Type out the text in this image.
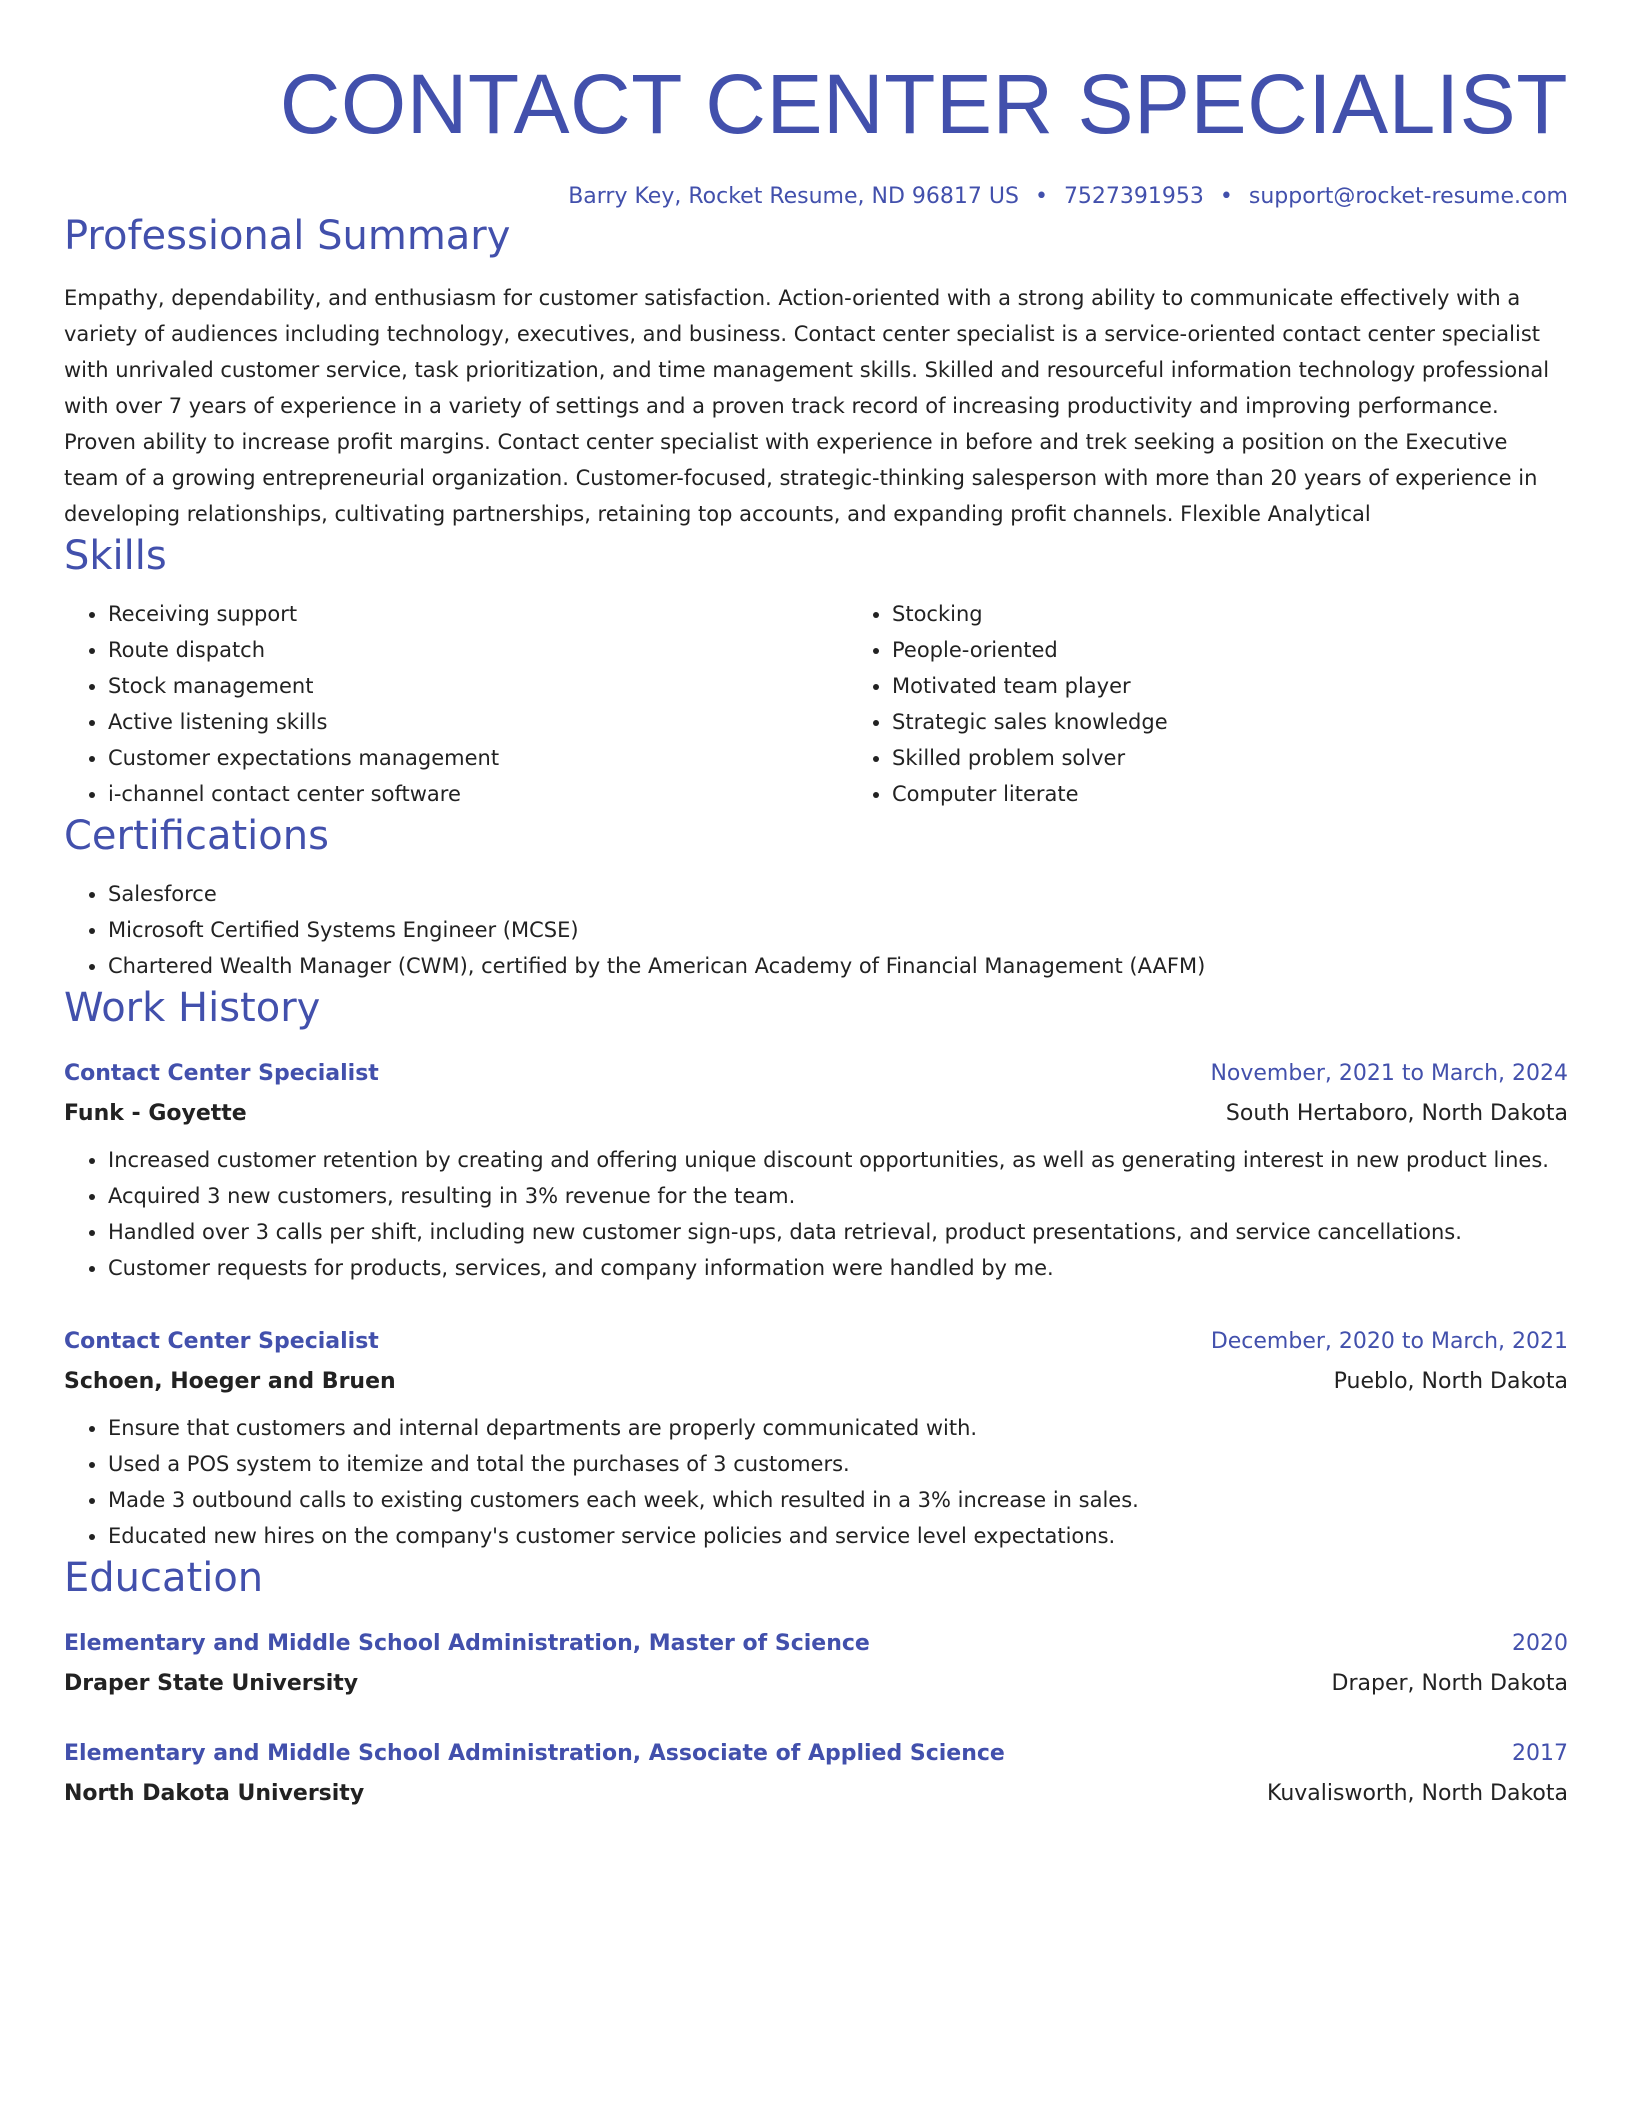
CONTACT CENTER SPECIALIST
Barry Key, Rocket Resume, ND 96817 US • 7527391953 • support@rocket-resume.com
Professional Summary
Empathy, dependability, and enthusiasm for customer satisfaction. Action-oriented with a strong ability to communicate effectively with a variety of audiences including technology, executives, and business. Contact center specialist is a service-oriented contact center specialist with unrivaled customer service, task prioritization, and time management skills. Skilled and resourceful information technology professional with over 7 years of experience in a variety of settings and a proven track record of increasing productivity and improving performance. Proven ability to increase profit margins. Contact center specialist with experience in before and trek seeking a position on the Executive team of a growing entrepreneurial organization. Customer-focused, strategic-thinking salesperson with more than 20 years of experience in developing relationships, cultivating partnerships, retaining top accounts, and expanding profit channels. Flexible Analytical
Skills
• Receiving support
• Route dispatch
• Stock management
• Active listening skills
• Customer expectations management
• i-channel contact center software
• Stocking
• People-oriented
• Motivated team player
• Strategic sales knowledge
• Skilled problem solver
• Computer literate
Certifications
• Salesforce
• Microsoft Certified Systems Engineer (MCSE)
• Chartered Wealth Manager (CWM), certified by the American Academy of Financial Management (AAFM)
Work History
Contact Center Specialist	November, 2021 to March, 2024
Funk - Goyette	South Hertaboro, North Dakota
• Increased customer retention by creating and offering unique discount opportunities, as well as generating interest in new product lines.
• Acquired 3 new customers, resulting in 3% revenue for the team.
• Handled over 3 calls per shift, including new customer sign-ups, data retrieval, product presentations, and service cancellations.
• Customer requests for products, services, and company information were handled by me.
Contact Center Specialist	December, 2020 to March, 2021
Schoen, Hoeger and Bruen	Pueblo, North Dakota
• Ensure that customers and internal departments are properly communicated with.
• Used a POS system to itemize and total the purchases of 3 customers.
• Made 3 outbound calls to existing customers each week, which resulted in a 3% increase in sales.
• Educated new hires on the company's customer service policies and service level expectations.
Education
Elementary and Middle School Administration, Master of Science	2020
Draper State University	Draper, North Dakota
Elementary and Middle School Administration, Associate of Applied Science	2017
North Dakota University	Kuvalisworth, North Dakota
